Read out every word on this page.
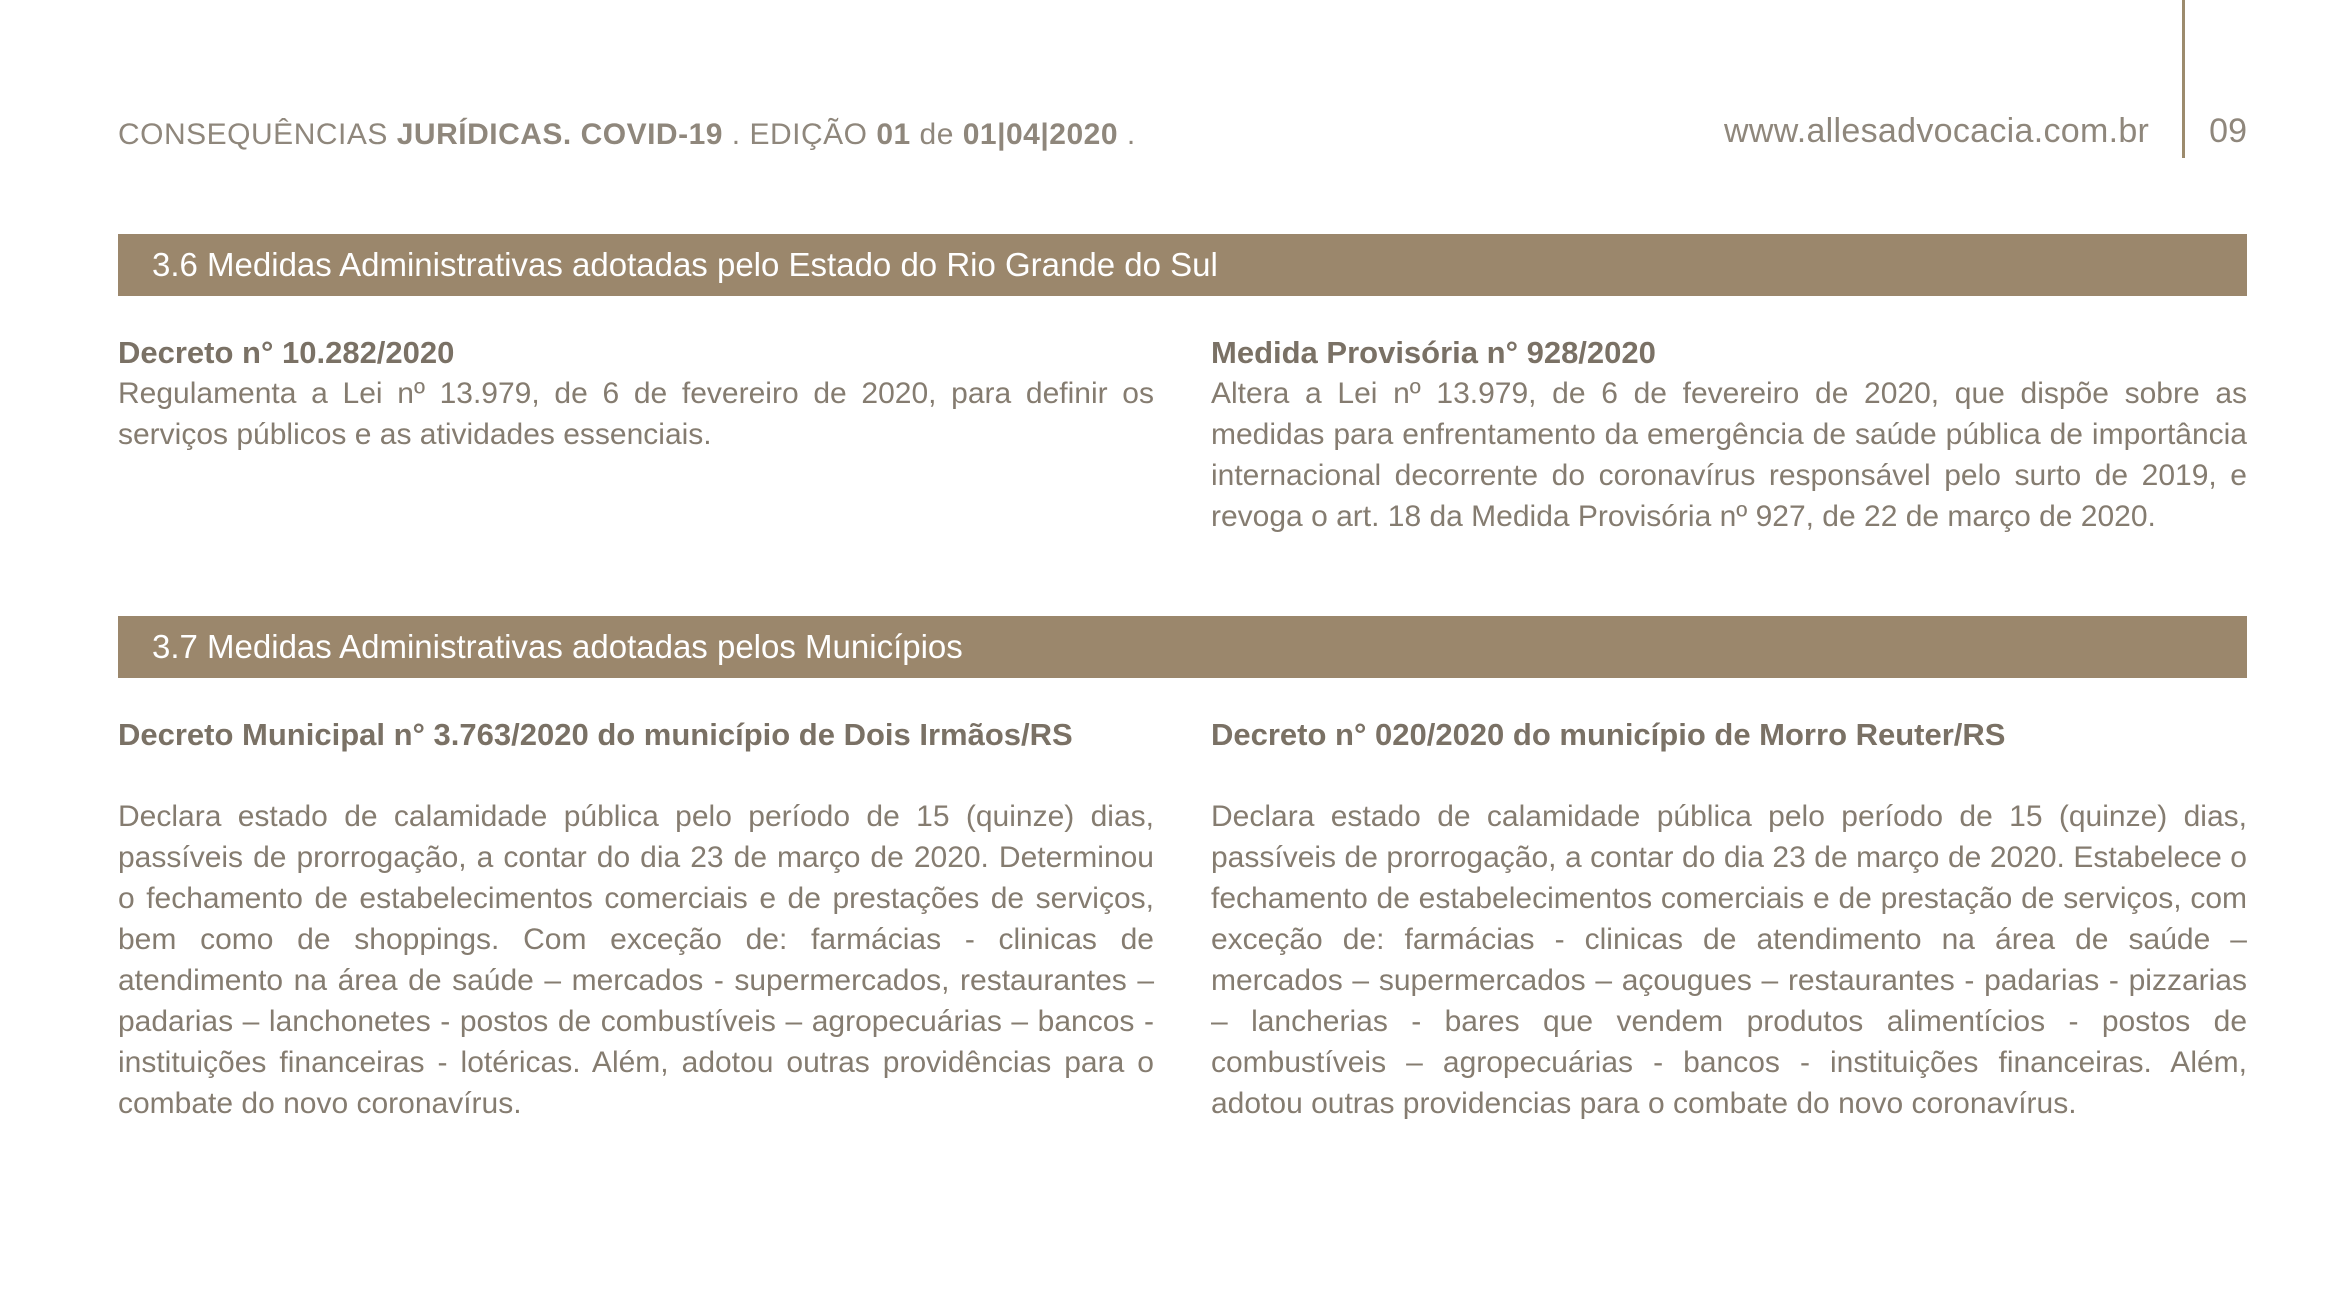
CONSEQUÊNCIAS JURÍDICAS. COVID-19 . EDIÇÃO 01 de 01|04|2020 .	www.allesadvocacia.com.br 09
3.6 Medidas Administrativas adotadas pelo Estado do Rio Grande do Sul
Decreto n° 10.282/2020

Regulamenta a Lei nº 13.979, de 6 de fevereiro de 2020, para definir os serviços públicos e as atividades essenciais.

Medida Provisória n° 928/2020

Altera a Lei nº 13.979, de 6 de fevereiro de 2020, que dispõe sobre as medidas para enfrentamento da emergência de saúde pública de importância internacional decorrente do coronavírus responsável pelo surto de 2019, e revoga o art. 18 da Medida Provisória nº 927, de 22 de março de 2020.

3.7 Medidas Administrativas adotadas pelos Municípios
Decreto Municipal n° 3.763/2020 do município de Dois Irmãos/RS

Declara estado de calamidade pública pelo período de 15 (quinze) dias, passíveis de prorrogação, a contar do dia 23 de março de 2020. Determinou o fechamento de estabelecimentos comerciais e de prestações de serviços, bem como de shoppings. Com exceção de: farmácias - clinicas de atendimento na área de saúde – mercados - supermercados, restaurantes – padarias – lanchonetes - postos de combustíveis – agropecuárias – bancos - instituições financeiras - lotéricas. Além, adotou outras providências para o combate do novo coronavírus.

Decreto n° 020/2020 do município de Morro Reuter/RS

Declara estado de calamidade pública pelo período de 15 (quinze) dias, passíveis de prorrogação, a contar do dia 23 de março de 2020. Estabelece o fechamento de estabelecimentos comerciais e de prestação de serviços, com exceção de: farmácias - clinicas de atendimento na área de saúde – mercados – supermercados – açougues – restaurantes - padarias - pizzarias – lancherias - bares que vendem produtos alimentícios - postos de combustíveis – agropecuárias - bancos - instituições financeiras. Além, adotou outras providencias para o combate do novo coronavírus.
